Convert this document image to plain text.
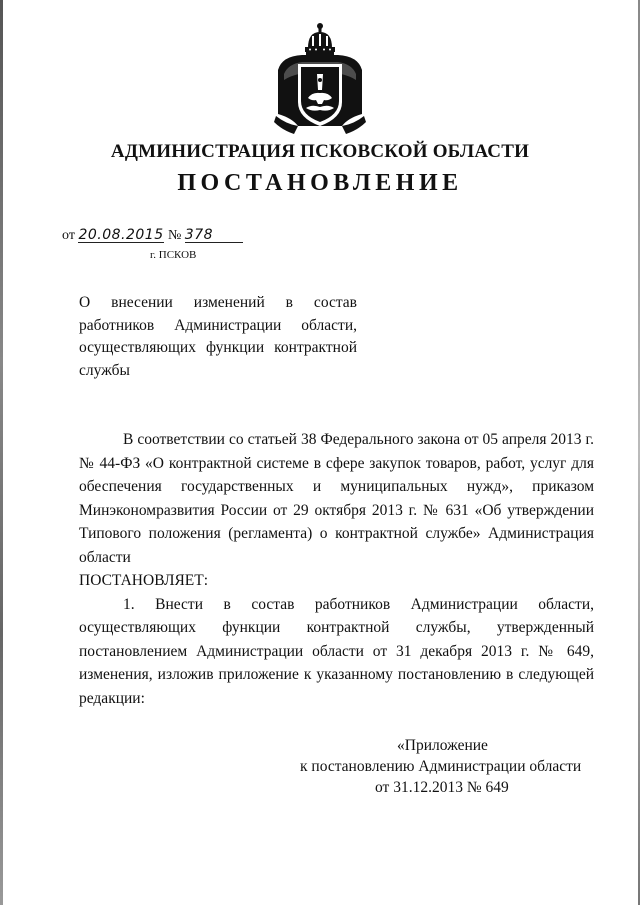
АДМИНИСТРАЦИЯ ПСКОВСКОЙ ОБЛАСТИ
ПОСТАНОВЛЕНИЕ
от 20.08.2015 № 378
г. ПСКОВ
О внесении изменений в состав работников Администрации области, осуществляющих функции контрактной службы

В соответствии со статьей 38 Федерального закона от 05 апреля 2013 г. № 44-ФЗ «О контрактной системе в сфере закупок товаров, работ, услуг для обеспечения государственных и муниципальных нужд», приказом Минэкономразвития России от 29 октября 2013 г. № 631 «Об утверждении Типового положения (регламента) о контрактной службе» Администрация области

ПОСТАНОВЛЯЕТ:

1. Внести в состав работников Администрации области, осуществляющих функции контрактной службы, утвержденный постановлением Администрации области от 31 декабря 2013 г. № 649, изменения, изложив приложение к указанному постановлению в следующей редакции:

«Приложение
к постановлению Администрации области
от 31.12.2013 № 649
